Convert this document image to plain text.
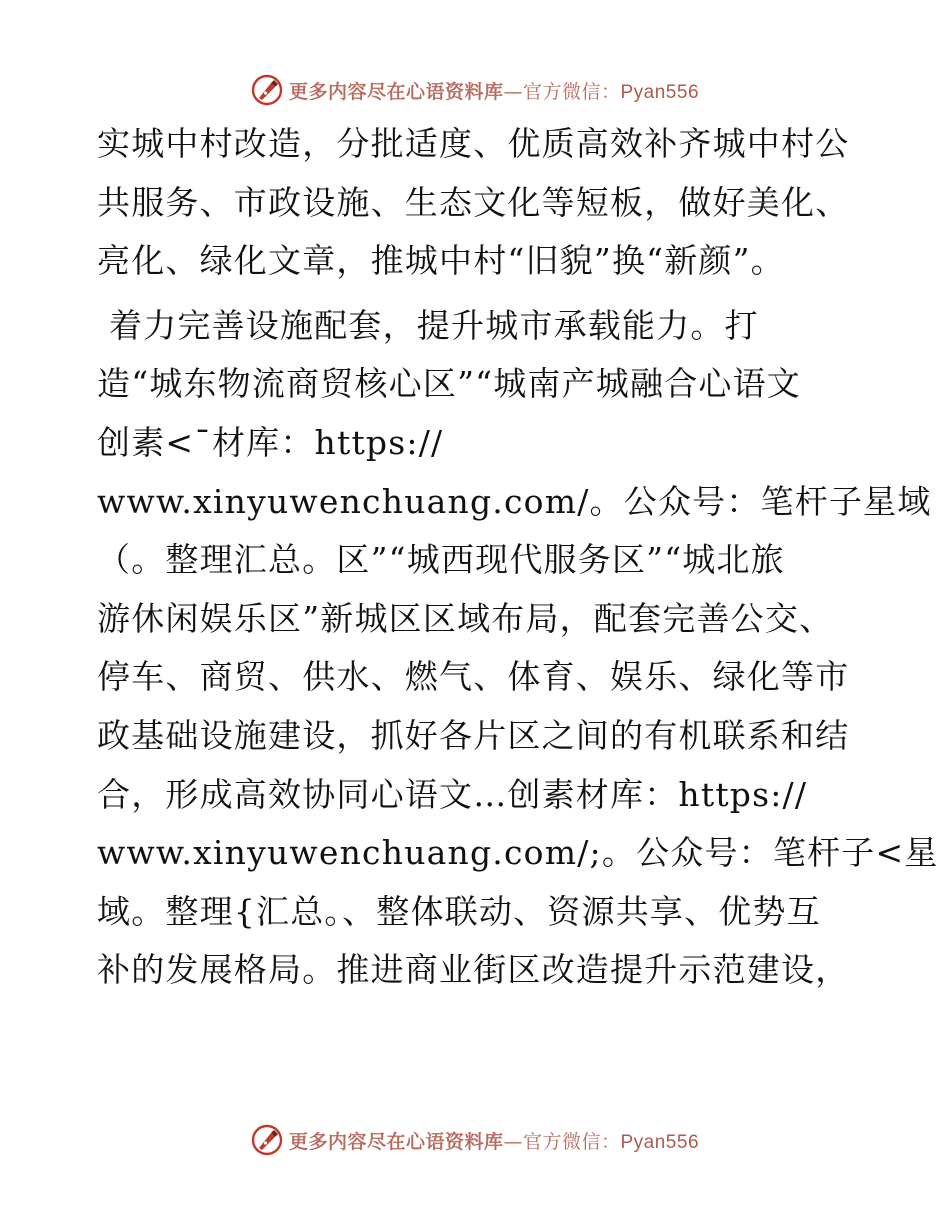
更多内容尽在心语资料库—官方微信：Pyan556
实城中村改造，分批适度、优质高效补齐城中村公
共服务、市政设施、生态文化等短板，做好美化、
亮化、绿化文章，推城中村“旧貌”换“新颜”。
着力完善设施配套，提升城市承载能力。打
造“城东物流商贸核心区”“城南产城融合心语文
创素<¯材库：https://
www.xinyuwenchuang.com/。公众号：笔杆子星域
（。整理汇总。区”“城西现代服务区”“城北旅
游休闲娱乐区”新城区区域布局，配套完善公交、
停车、商贸、供水、燃气、体育、娱乐、绿化等市
政基础设施建设，抓好各片区之间的有机联系和结
合，形成高效协同心语文…创素材库：https://
www.xinyuwenchuang.com/;。公众号：笔杆子<星
域。整理{汇总。、整体联动、资源共享、优势互
补的发展格局。推进商业街区改造提升示范建设，
更多内容尽在心语资料库—官方微信：Pyan556
